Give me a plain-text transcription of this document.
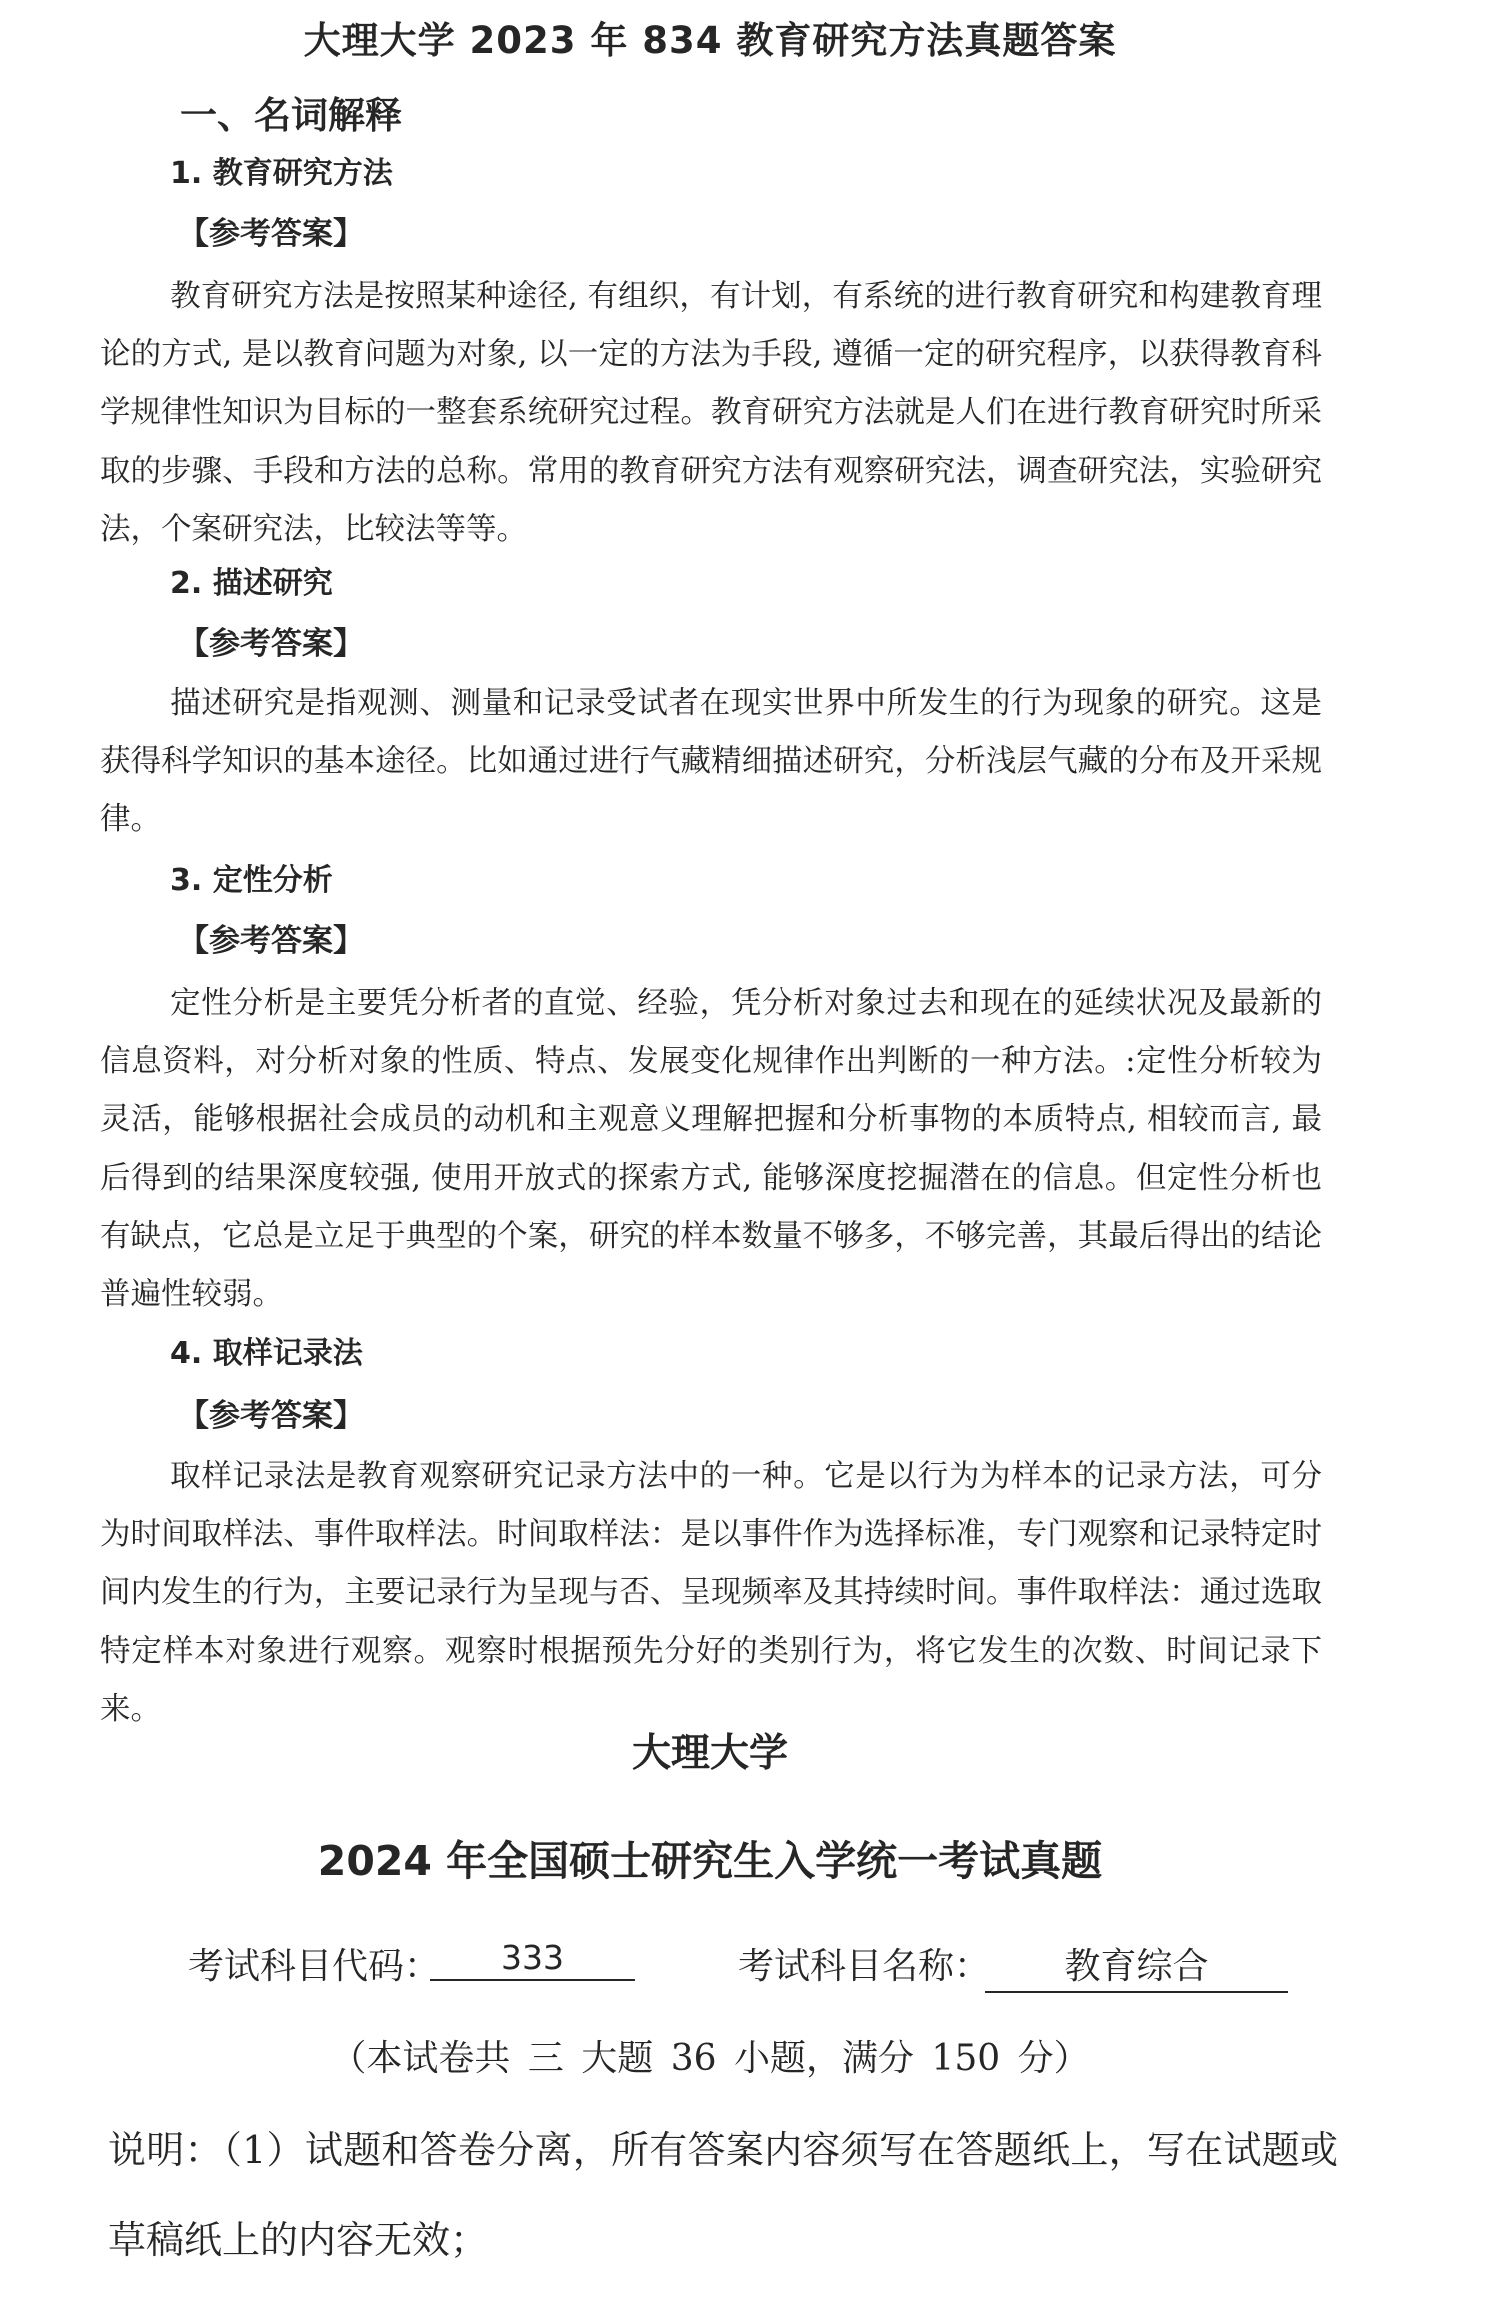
大理大学 2023 年 834 教育研究方法真题答案
一、名词解释
1. 教育研究方法
【参考答案】

教育研究方法是按照某种途径, 有组织，有计划，有系统的进行教育研究和构建教育理论的方式, 是以教育问题为对象, 以一定的方法为手段, 遵循一定的研究程序，以获得教育科学规律性知识为目标的一整套系统研究过程。教育研究方法就是人们在进行教育研究时所采取的步骤、手段和方法的总称。常用的教育研究方法有观察研究法，调查研究法，实验研究法，个案研究法，比较法等等。

2. 描述研究
【参考答案】

描述研究是指观测、测量和记录受试者在现实世界中所发生的行为现象的研究。这是获得科学知识的基本途径。比如通过进行气藏精细描述研究，分析浅层气藏的分布及开采规律。

3. 定性分析
【参考答案】

定性分析是主要凭分析者的直觉、经验，凭分析对象过去和现在的延续状况及最新的信息资料，对分析对象的性质、特点、发展变化规律作出判断的一种方法。:定性分析较为灵活，能够根据社会成员的动机和主观意义理解把握和分析事物的本质特点, 相较而言, 最后得到的结果深度较强, 使用开放式的探索方式, 能够深度挖掘潜在的信息。但定性分析也有缺点，它总是立足于典型的个案，研究的样本数量不够多，不够完善，其最后得出的结论普遍性较弱。

4. 取样记录法
【参考答案】

取样记录法是教育观察研究记录方法中的一种。它是以行为为样本的记录方法，可分为时间取样法、事件取样法。时间取样法：是以事件作为选择标准，专门观察和记录特定时间内发生的行为，主要记录行为呈现与否、呈现频率及其持续时间。事件取样法：通过选取特定样本对象进行观察。观察时根据预先分好的类别行为，将它发生的次数、时间记录下来。

大理大学
2024 年全国硕士研究生入学统一考试真题
考试科目代码：	333	考试科目名称：	教育综合
（本试卷共 三 大题 36 小题，满分 150 分）

说明：（1）试题和答卷分离，所有答案内容须写在答题纸上，写在试题或草稿纸上的内容无效；
